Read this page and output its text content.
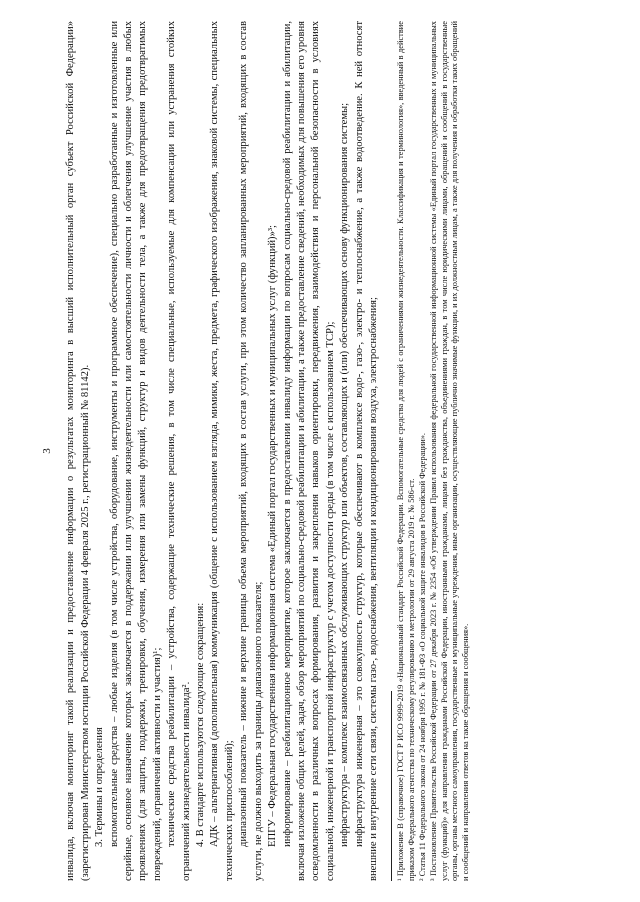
3 инвалида, включая мониторинг такой реализации и предоставление информации о результатах мониторинга в высший исполнительный орган субъект Российской Федерации» (зарегистрирован Министерством юстиции Российской Федерации 4 февраля 2025 г., регистрационный № 81142). 3. Термины и определения вспомогательные средства – любые изделия (в том числе устройства, оборудование, инструменты и программное обеспечение), специально разработанные и изготовленные или серийные, основное назначение которых заключается в поддержании или улучшении жизнедеятельности или самостоятельности личности и облегчения улучшение участия в любых проявлениях (для защиты, поддержки, тренировки, обучения, измерения или замены функций, структур и видов деятельности тела, а также для предотвращения предотвратимых повреждений, ограничений активности и участия)¹; технические средства реабилитации – устройства, содержащие технические решения, в том числе специальные, используемые для компенсации или устранения стойких ограничений жизнедеятельности инвалида². 4. В стандарте используются следующие сокращения: АДК – альтернативная (дополнительная) коммуникация (общение с использованием взгляда, мимики, жеста, предмета, графического изображения, знаковой системы, специальных технических приспособлений); диапазонный показатель – нижние и верхние границы объема мероприятий, входящих в состав услуги, при этом количество запланированных мероприятий, входящих в состав услуги, не должно выходить за границы диапазонного показателя; ЕПГУ – Федеральная государственная информационная система «Единый портал государственных и муниципальных услуг (функций)»³; информирование – реабилитационное мероприятие, которое заключается в предоставлении инвалиду информации по вопросам социально-средовой реабилитации и абилитации, включая изложение общих целей, задач, обзор мероприятий по социально-средовой реабилитации и абилитации, а также предоставление сведений, необходимых для повышения его уровня осведомленности в различных вопросах формирования, развития и закрепления навыков ориентировки, передвижения, взаимодействия и персональной безопасности в условиях социальной, инженерной и транспортной инфраструктур с учетом доступности среды (в том числе с использованием ТСР); инфраструктура – комплекс взаимосвязанных обслуживающих структур или объектов, составляющих и (или) обеспечивающих основу функционирования системы; инфраструктура инженерная – это совокупность структур, которые обеспечивают в комплексе водо-, газо-, электро- и теплоснабжение, а также водоотведение. К ней относят внешние и внутренние сети связи, системы газо-, водоснабжения, вентиляции и кондиционирования воздуха, электроснабжения; ¹ Приложение В (справочное) ГОСТ Р ИСО 9999-2019 «Национальный стандарт Российской Федерации. Вспомогательные средства для людей с ограничениями жизнедеятельности. Классификация и терминология», введенный в действие приказом Федерального агентства по техническому регулированию и метрологии от 29 августа 2019 г. № 586-ст. ² Статья 11 Федерального закона от 24 ноября 1995 г. № 181-ФЗ «О социальной защите инвалидов в Российской Федерации». ³ Постановление Правительства Российской Федерации от 27 декабря 2023 г. № 2354 «Об утверждении Правил использования федеральной государственной информационной системы «Единый портал государственных и муниципальных услуг (функций)» для направления гражданами Российской Федерации, иностранными гражданами, лицами без гражданства, объединениями граждан, в том числе юридическими лицами, обращений и сообщений в государственные органы, органы местного самоуправления, государственные и муниципальные учреждения, иные организации, осуществляющие публично значимые функции, и их должностным лицам, а также для получения и обработки таких обращений и сообщений и направления ответов на такие обращения и сообщения».
